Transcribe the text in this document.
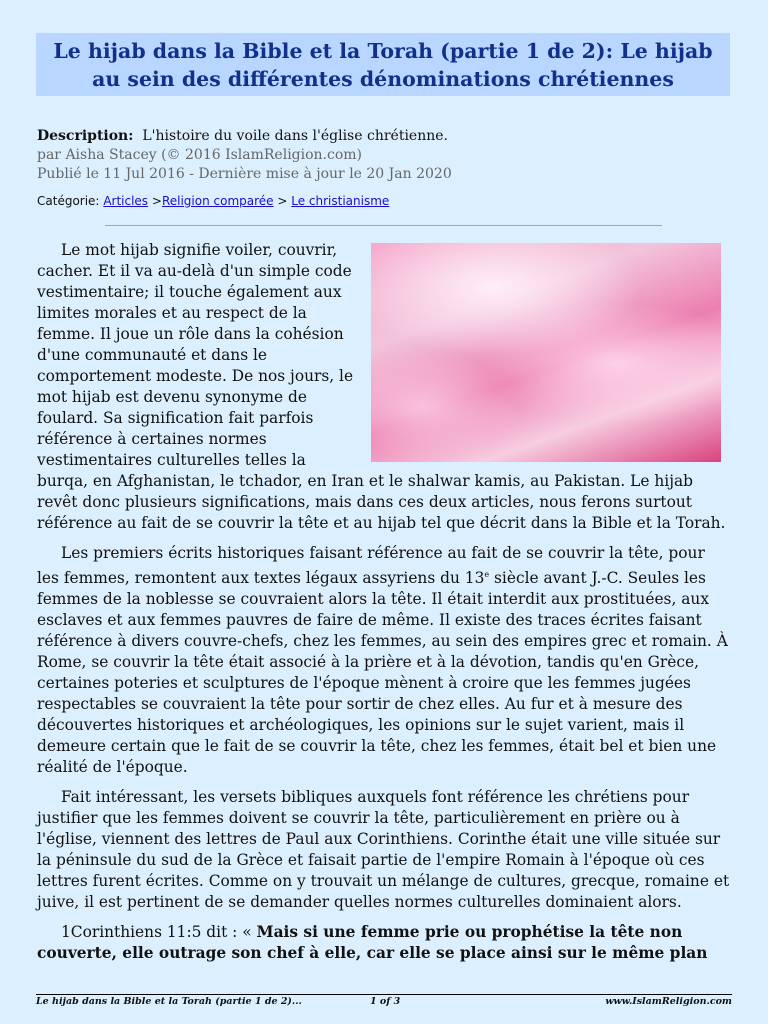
Le hijab dans la Bible et la Torah (partie 1 de 2): Le hijab au sein des différentes dénominations chrétiennes
Description: L'histoire du voile dans l'église chrétienne.
par Aisha Stacey (© 2016 IslamReligion.com)
Publié le 11 Jul 2016 - Dernière mise à jour le 20 Jan 2020
Catégorie: Articles >Religion comparée > Le christianisme

Le mot hijab signifie voiler, couvrir, cacher. Et il va au-delà d'un simple code vestimentaire; il touche également aux limites morales et au respect de la femme. Il joue un rôle dans la cohésion d'une communauté et dans le comportement modeste. De nos jours, le mot hijab est devenu synonyme de foulard. Sa signification fait parfois référence à certaines normes vestimentaires culturelles telles la burqa, en Afghanistan, le tchador, en Iran et le shalwar kamis, au Pakistan. Le hijab revêt donc plusieurs significations, mais dans ces deux articles, nous ferons surtout référence au fait de se couvrir la tête et au hijab tel que décrit dans la Bible et la Torah.

Les premiers écrits historiques faisant référence au fait de se couvrir la tête, pour les femmes, remontent aux textes légaux assyriens du 13e siècle avant J.-C. Seules les femmes de la noblesse se couvraient alors la tête. Il était interdit aux prostituées, aux esclaves et aux femmes pauvres de faire de même. Il existe des traces écrites faisant référence à divers couvre-chefs, chez les femmes, au sein des empires grec et romain. À Rome, se couvrir la tête était associé à la prière et à la dévotion, tandis qu'en Grèce, certaines poteries et sculptures de l'époque mènent à croire que les femmes jugées respectables se couvraient la tête pour sortir de chez elles. Au fur et à mesure des découvertes historiques et archéologiques, les opinions sur le sujet varient, mais il demeure certain que le fait de se couvrir la tête, chez les femmes, était bel et bien une réalité de l'époque.

Fait intéressant, les versets bibliques auxquels font référence les chrétiens pour justifier que les femmes doivent se couvrir la tête, particulièrement en prière ou à l'église, viennent des lettres de Paul aux Corinthiens. Corinthe était une ville située sur la péninsule du sud de la Grèce et faisait partie de l'empire Romain à l'époque où ces lettres furent écrites. Comme on y trouvait un mélange de cultures, grecque, romaine et juive, il est pertinent de se demander quelles normes culturelles dominaient alors.

1Corinthiens 11:5 dit : « Mais si une femme prie ou prophétise la tête non couverte, elle outrage son chef à elle, car elle se place ainsi sur le même plan

Le hijab dans la Bible et la Torah (partie 1 de 2)...	1 of 3	www.IslamReligion.com
